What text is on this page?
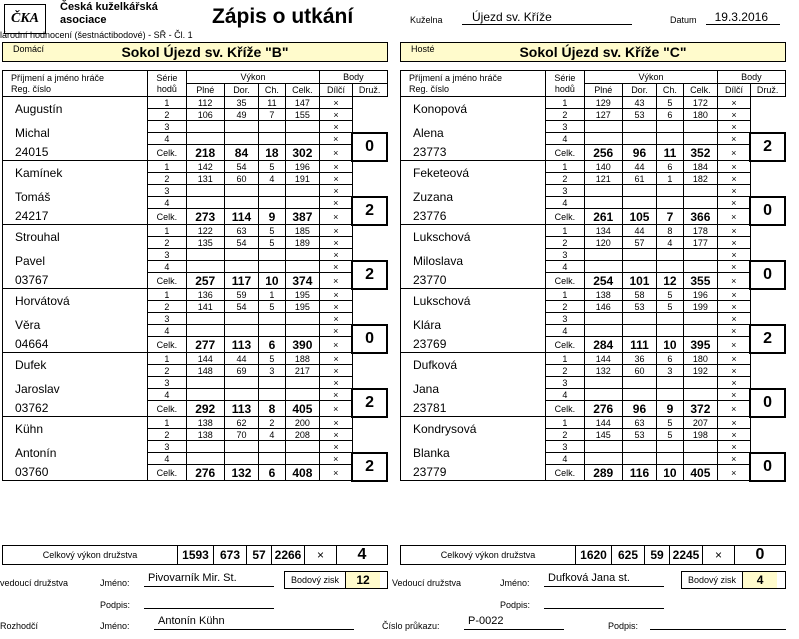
ČKA
Česká kuželkářská
asociace
lárodní hodnocení (šestnáctibodové) - SŘ - Čl. 1
Zápis o utkání	Kuželna	Újezd sv. Kříže	Datum	19.3.2016
Domácí	Sokol Újezd sv. Kříže "B"	Hosté	Sokol Újezd sv. Kříže "C"
Příjmení a jméno hráče
Reg. číslo	Série
hodů	Výkon				Body	
		Plné	Dor.	Ch.	Celk.	Dílčí	Druž.
Augustín	1	112	35	11	147	×	
	2	106	49	7	155	×	
Michal	3					×	
	4					×	0
24015	Celk.	218	84	18	302	×	
Kamínek	1	142	54	5	196	×	
	2	131	60	4	191	×	
Tomáš	3					×	
	4					×	2
24217	Celk.	273	114	9	387	×	
Strouhal	1	122	63	5	185	×	
	2	135	54	5	189	×	
Pavel	3					×	
	4					×	2
03767	Celk.	257	117	10	374	×	
Horvátová	1	136	59	1	195	×	
	2	141	54	5	195	×	
Věra	3					×	
	4					×	0
04664	Celk.	277	113	6	390	×	
Dufek	1	144	44	5	188	×	
	2	148	69	3	217	×	
Jaroslav	3					×	
	4					×	2
03762	Celk.	292	113	8	405	×	
Kühn	1	138	62	2	200	×	
	2	138	70	4	208	×	
Antonín	3					×	
	4					×	2
03760	Celk.	276	132	6	408	×	
Příjmení a jméno hráče
Reg. číslo	Série
hodů	Výkon				Body	
		Plné	Dor.	Ch.	Celk.	Dílčí	Druž.
Konopová	1	129	43	5	172	×	
	2	127	53	6	180	×	
Alena	3					×	
	4					×	2
23773	Celk.	256	96	11	352	×	
Feketeová	1	140	44	6	184	×	
	2	121	61	1	182	×	
Zuzana	3					×	
	4					×	0
23776	Celk.	261	105	7	366	×	
Lukschová	1	134	44	8	178	×	
	2	120	57	4	177	×	
Miloslava	3					×	
	4					×	0
23770	Celk.	254	101	12	355	×	
Lukschová	1	138	58	5	196	×	
	2	146	53	5	199	×	
Klára	3					×	
	4					×	2
23769	Celk.	284	111	10	395	×	
Dufková	1	144	36	6	180	×	
	2	132	60	3	192	×	
Jana	3					×	
	4					×	0
23781	Celk.	276	96	9	372	×	
Kondrysová	1	144	63	5	207	×	
	2	145	53	5	198	×	
Blanka	3					×	
	4					×	0
23779	Celk.	289	116	10	405	×	
Celkový výkon družstva	1593 673	57 2266	×	4	Celkový výkon družstva	1620 625	59 2245	×	0
vedoucí družstva	Jméno:	Pivovarník Mir. St.	Bodový zisk	12
Podpis:
Vedoucí družstva	Jméno:	Dufková Jana st.	Bodový zisk	4
Podpis:
Rozhodčí	Jméno:	Antonín Kühn	Číslo průkazu:	P-0022	Podpis:
